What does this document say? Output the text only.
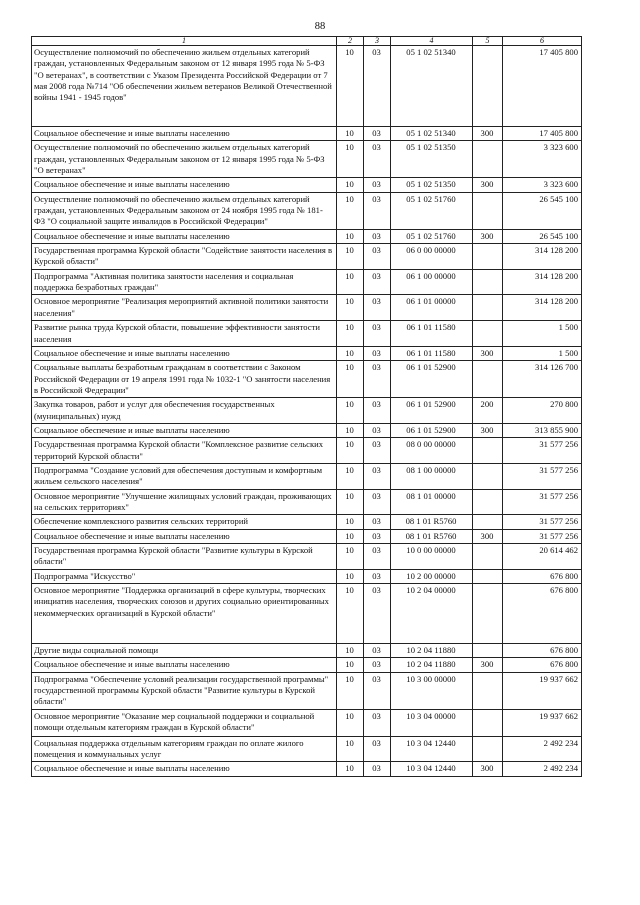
88
1	2	3	4	5	6
Осуществление полномочий по обеспечению жильем отдельных категорий граждан, установленных Федеральным законом от 12 января 1995 года № 5-ФЗ "О ветеранах", в соответствии с Указом Президента Российской Федерации от 7 мая 2008 года №714 "Об обеспечении жильем ветеранов Великой Отечественной войны 1941 - 1945 годов"	10	03	05 1 02 51340		17 405 800
Социальное обеспечение и иные выплаты населению	10	03	05 1 02 51340	300	17 405 800
Осуществление полномочий по обеспечению жильем отдельных категорий граждан, установленных Федеральным законом от 12 января 1995 года № 5-ФЗ "О ветеранах"	10	03	05 1 02 51350		3 323 600
Социальное обеспечение и иные выплаты населению	10	03	05 1 02 51350	300	3 323 600
Осуществление полномочий по обеспечению жильем отдельных категорий граждан, установленных Федеральным законом от 24 ноября 1995 года № 181-ФЗ "О социальной защите инвалидов в Российской Федерации"	10	03	05 1 02 51760		26 545 100
Социальное обеспечение и иные выплаты населению	10	03	05 1 02 51760	300	26 545 100
Государственная программа Курской области "Содействие занятости населения в Курской области"	10	03	06 0 00 00000		314 128 200
Подпрограмма "Активная политика занятости населения и социальная поддержка безработных граждан"	10	03	06 1 00 00000		314 128 200
Основное мероприятие "Реализация мероприятий активной политики занятости населения"	10	03	06 1 01 00000		314 128 200
Развитие рынка труда Курской области, повышение эффективности занятости населения	10	03	06 1 01 11580		1 500
Социальное обеспечение и иные выплаты населению	10	03	06 1 01 11580	300	1 500
Социальные выплаты безработным гражданам в соответствии с Законом Российской Федерации от 19 апреля 1991 года № 1032-1 "О занятости населения в Российской Федерации"	10	03	06 1 01 52900		314 126 700
Закупка товаров, работ и услуг для обеспечения государственных (муниципальных) нужд	10	03	06 1 01 52900	200	270 800
Социальное обеспечение и иные выплаты населению	10	03	06 1 01 52900	300	313 855 900
Государственная программа Курской области "Комплексное развитие сельских территорий Курской области"	10	03	08 0 00 00000		31 577 256
Подпрограмма "Создание условий для обеспечения доступным и комфортным жильем сельского населения"	10	03	08 1 00 00000		31 577 256
Основное мероприятие "Улучшение жилищных условий граждан, проживающих на сельских территориях"	10	03	08 1 01 00000		31 577 256
Обеспечение комплексного развития сельских территорий	10	03	08 1 01 R5760		31 577 256
Социальное обеспечение и иные выплаты населению	10	03	08 1 01 R5760	300	31 577 256
Государственная программа Курской области "Развитие культуры в Курской области"	10	03	10 0 00 00000		20 614 462
Подпрограмма "Искусство"	10	03	10 2 00 00000		676 800
Основное мероприятие "Поддержка организаций в сфере культуры, творческих инициатив населения, творческих союзов и других социально ориентированных некоммерческих организаций в Курской области"	10	03	10 2 04 00000		676 800
Другие виды социальной помощи	10	03	10 2 04 11880		676 800
Социальное обеспечение и иные выплаты населению	10	03	10 2 04 11880	300	676 800
Подпрограмма "Обеспечение условий реализации государственной программы" государственной программы Курской области "Развитие культуры в Курской области"	10	03	10 3 00 00000		19 937 662
Основное мероприятие "Оказание мер социальной поддержки и социальной помощи отдельным категориям граждан в Курской области"	10	03	10 3 04 00000		19 937 662
Социальная поддержка отдельным категориям граждан по оплате жилого помещения и коммунальных услуг	10	03	10 3 04 12440		2 492 234
Социальное обеспечение и иные выплаты населению	10	03	10 3 04 12440	300	2 492 234
